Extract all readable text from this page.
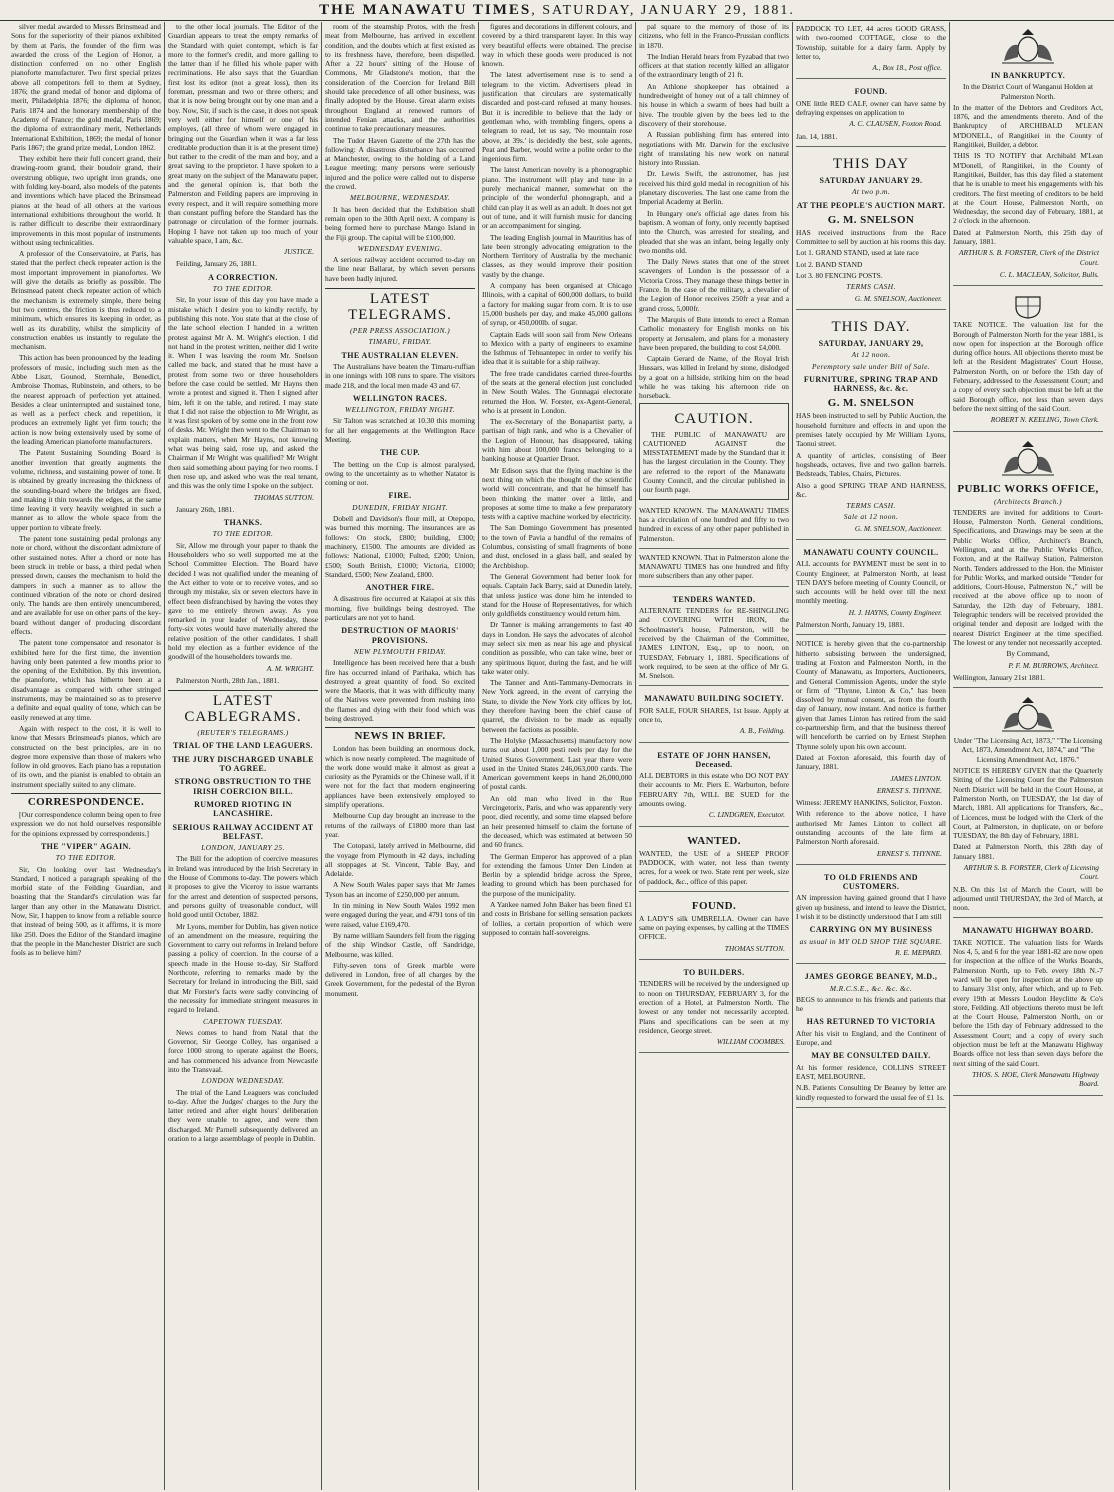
THE MANAWATU TIMES, SATURDAY, JANUARY 29, 1881.

silver medal awarded to Messrs Brinsmead and Sons for the superiority of their pianos exhibited by them at Paris, the founder of the firm was awarded the cross of the Legion of Honor, a distinction conferred on no other English pianoforte manufacturer. Two first special prizes above all competitors fell to them at Sydney, 1876; the grand medal of honor and diploma of merit, Philadelphia 1876; the diploma of honor, Paris 1874 and the honorary membership of the Academy of France; the gold medal, Paris 1869; the diploma of extraordinary merit, Netherlands International Exhibition, 1869; the medal of honor Paris 1867; the grand prize medal, London 1862.

They exhibit here their full concert grand, their drawing-room grand, their boudoir grand, their overstrung oblique, two upright iron grands, one with folding key-board, also models of the patents and inventions which have placed the Brinsmead pianos at the head of all others at the various international exhibitions throughout the world. It is rather difficult to describe their extraordinary improvements in this most popular of instruments without using technicalities.

A professor of the Conservatoire, at Paris, has stated that the perfect check repeater action is the most important improvement in pianofortes. We will give the details as briefly as possible. The Brinsmead patent check repeater action of which the mechanism is extremely simple, there being but two centres, the friction is thus reduced to a minimum, which ensures its keeping in order, as well as its durability, whilst the simplicity of construction enables us instantly to regulate the mechanism.

This action has been pronounced by the leading professors of music, including such men as the Abbe Liszt, Gounod, Sternhale, Benedict, Ambroise Thomas, Rubinstein, and others, to be the nearest approach of perfection yet attained. Besides a clear uninterrupted and sustained tone, as well as a perfect check and repetition, it produces an extremely light yet firm touch; the action is now being extensively used by some of the leading American pianoforte manufacturers.

The Patent Sustaining Sounding Board is another invention that greatly augments the volume, richness, and sustaining power of tone. It is obtained by greatly increasing the thickness of the sounding-board where the bridges are fixed, and making it thin towards the edges, at the same time leaving it very heavily weighted in such a manner as to allow the whole space from the upper portion to vibrate freely.

The patent tone sustaining pedal prolongs any note or chord, without the discordant admixture of other sustained notes. After a chord or note has been struck in treble or bass, a third pedal when pressed down, causes the mechanism to hold the dampers in such a manner as to allow the continued vibration of the note or chord desired only. The hands are then entirely unencumbered, and are available for use on other parts of the key-board without danger of producing discordant effects.

The patent tone compensator and resonator is exhibited here for the first time, the invention having only been patented a few months prior to the opening of the Exhibition. By this invention, the pianoforte, which has hitherto been at a disadvantage as compared with other stringed instruments, may be maintained so as to preserve a definite and equal quality of tone, which can be easily renewed at any time.

Again with respect to the cost, it is well to know that Messrs Brinsmead's pianos, which are constructed on the best principles, are in no degree more expensive than those of makers who follow in old grooves. Each piano has a reputation of its own, and the pianist is enabled to obtain an instrument specially suited to any climate.

CORRESPONDENCE.

[Our correspondence column being open to free expression we do not hold ourselves responsible for the opinions expressed by correspondents.]

THE "VIPER" AGAIN.
TO THE EDITOR.

Sir, On looking over last Wednesday's Standard, I noticed a paragraph speaking of the morbid state of the Feilding Guardian, and boasting that the Standard's circulation was far larger than any other in the Manawatu District. Now, Sir, I happen to know from a reliable source that instead of being 500, as it affirms, it is more like 250. Does the Editor of the Standard imagine that the people in the Manchester District are such fools as to believe him?

to the other local journals. The Editor of the Guardian appears to treat the empty remarks of the Standard with quiet contempt, which is far more to the former's credit, and more galling to the latter than if he filled his whole paper with recriminations. He also says that the Guardian first lost its editor (not a great loss), then its foreman, pressman and two or three others; and that it is now being brought out by one man and a boy. Now, Sir, if such is the case, it does not speak very well either for himself or one of his employes, (all three of whom were engaged in bringing out the Guardian when it was a far less creditable production than it is at the present time) but rather to the credit of the man and boy, and a great saving to the proprietor. I have spoken to a great many on the subject of the Manawatu paper, and the general opinion is, that both the Palmerston and Feilding papers are improving in every respect, and it will require something more than constant puffing before the Standard has the patronage or circulation of the former journals. Hoping I have not taken up too much of your valuable space, I am, &c.

JUSTICE.

Feilding, January 26, 1881.

A CORRECTION.
TO THE EDITOR.

Sir, In your issue of this day you have made a mistake which I desire you to kindly rectify, by publishing this note. You state that at the close of the late school election I handed in a written protest against Mr A. M. Wright's election. I did not hand in the protest written, neither did I write it. When I was leaving the room Mr. Snelson called me back, and stated that he must have a protest from some two or three householders before the case could be settled. Mr Hayns then wrote a protest and signed it. Then I signed after him, left it on the table, and retired. I may state that I did not raise the objection to Mr Wright, as it was first spoken of by some one in the front row of desks. Mr. Wright then went to the Chairman to explain matters, when Mr Hayns, not knowing what was being said, rose up, and asked the Chairman if Mr Wright was qualified? Mr Wright then said something about paying for two rooms. I then rose up, and asked who was the real tenant, and this was the only time I spoke on the subject.

THOMAS SUTTON.

January 26th, 1881.

THANKS.
TO THE EDITOR.

Sir, Allow me through your paper to thank the Householders who so well supported me at the School Committee Election. The Board have decided I was not qualified under the meaning of the Act either to vote or to receive votes, and so through my mistake, six or seven electors have in effect been disfranchised by having the votes they gave to me entirely thrown away. As you remarked in your leader of Wednesday, those forty-six votes would have materially altered the relative position of the other candidates. I shall hold my election as a further evidence of the goodwill of the householders towards me.

A. M. WRIGHT.

Palmerston North, 28th Jan., 1881.

LATEST CABLEGRAMS.
(REUTER'S TELEGRAMS.)
TRIAL OF THE LAND LEAGUERS.
THE JURY DISCHARGED UNABLE TO AGREE.
STRONG OBSTRUCTION TO THE IRISH COERCION BILL.
RUMORED RIOTING IN LANCASHIRE.
SERIOUS RAILWAY ACCIDENT AT BELFAST.
LONDON, JANUARY 25.

The Bill for the adoption of coercive measures in Ireland was introduced by the Irish Secretary in the House of Commons to-day. The powers which it proposes to give the Viceroy to issue warrants for the arrest and detention of suspected persons, and persons guilty of treasonable conduct, will hold good until October, 1882.

Mr Lyons, member for Dublin, has given notice of an amendment on the measure, requiring the Government to carry out reforms in Ireland before passing a policy of coercion. In the course of a speech made in the House to-day, Sir Stafford Northcote, referring to remarks made by the Secretary for Ireland in introducing the Bill, said that Mr Forster's facts were sadly convincing of the necessity for immediate stringent measures in regard to Ireland.

CAPETOWN TUESDAY.

News comes to hand from Natal that the Governor, Sir George Colley, has organised a force 1000 strong to operate against the Boers, and has commenced his advance from Newcastle into the Transvaal.

LONDON WEDNESDAY.

The trial of the Land Leaguers was concluded to-day. After the Judges' charges to the Jury the latter retired and after eight hours' deliberation they were unable to agree, and were then discharged. Mr Parnell subsequently delivered an oration to a large assemblage of people in Dublin.

room of the steamship Protos, with the fresh meat from Melbourne, has arrived in excellent condition, and the doubts which at first existed as to its freshness have, therefore, been dispelled. After a 22 hours' sitting of the House of Commons, Mr Gladstone's motion, that the consideration of the Coercion for Ireland Bill should take precedence of all other business, was finally adopted by the House. Great alarm exists throughout England at renewed rumors of intended Fenian attacks, and the authorities continue to take precautionary measures.

The Tudor Haven Gazette of the 27th has the following: A disastrous disturbance has occurred at Manchester, owing to the holding of a Land League meeting; many persons were seriously injured and the police were called out to disperse the crowd.

MELBOURNE, WEDNESDAY.

It has been decided that the Exhibition shall remain open to the 30th April next. A company is being formed here to purchase Mango Island in the Fiji group. The capital will be £100,000.

WEDNESDAY EVENING.

A serious railway accident occurred to-day on the line near Ballarat, by which seven persons have been badly injured.

LATEST TELEGRAMS.
(PER PRESS ASSOCIATION.)
TIMARU, FRIDAY.
THE AUSTRALIAN ELEVEN.

The Australians have beaten the Timaru-ruffian in one innings with 108 runs to spare. The visitors made 218, and the local men made 43 and 67.

WELLINGTON RACES.
WELLINGTON, FRIDAY NIGHT.

Sir Talton was scratched at 10.30 this morning for all her engagements at the Wellington Race Meeting.

THE CUP.

The betting on the Cup is almost paralysed, owing to the uncertainty as to whether Natator is coming or not.

FIRE.
DUNEDIN, FRIDAY NIGHT.

Dobell and Davidson's flour mill, at Otepopo, was burned this morning. The insurances are as follows: On stock, £800; building, £300; machinery, £1500. The amounts are divided as follows: National, £1000; Fulted, £200; Union, £500; South British, £1000; Victoria, £1000; Standard, £500; New Zealand, £800.

ANOTHER FIRE.

A disastrous fire occurred at Kaiapoi at six this morning, five buildings being destroyed. The particulars are not yet to hand.

DESTRUCTION OF MAORIS' PROVISIONS.
NEW PLYMOUTH FRIDAY.

Intelligence has been received here that a bush fire has occurred inland of Parihaka, which has destroyed a great quantity of food. So excited were the Maoris, that it was with difficulty many of the Natives were prevented from rushing into the flames and dying with their food which was being destroyed.

NEWS IN BRIEF.

London has been building an enormous dock, which is now nearly completed. The magnitude of the work done would make it almost as great a curiosity as the Pyramids or the Chinese wall, if it were not for the fact that modern engineering appliances have been extensively employed to simplify operations.

Melbourne Cup day brought an increase to the returns of the railways of £1800 more than last year.

The Cotopaxi, lately arrived in Melbourne, did the voyage from Plymouth in 42 days, including all stoppages at St. Vincent, Table Bay, and Adelaide.

A New South Wales paper says that Mr James Tyson has an income of £250,000 per annum.

In tin mining in New South Wales 1992 men were engaged during the year, and 4791 tons of tin were raised, value £169,470.

By name william Saunders fell from the rigging of the ship Windsor Castle, off Sandridge, Melbourne, was killed.

Fifty-seven tons of Greek marble were delivered in London, free of all charges by the Greek Government, for the pedestal of the Byron monument.

figures and decorations in different colours, and covered by a third transparent layer. In this way very beautiful effects were obtained. The precise way in which these goods were produced is not known.

The latest advertisement ruse is to send a telegram to the victim. Advertisers plead in justification that circulars are systematically discarded and post-card refused at many houses. But it is incredible to believe that the lady or gentleman who, with trembling fingers, opens a telegram to read, let us say, 'No mountain rose above, at 39s.' is decidedly the best, sole agents, Peat and Barber, would write a polite order to the ingenious firm.

The latest American novelty is a phonographic piano. The instrument will play and tune in a purely mechanical manner, somewhat on the principle of the wonderful phonograph, and a child can play it as well as an adult. It does not get out of tune, and it will furnish music for dancing or an accompaniment for singing.

The leading English journal in Mauritius has of late been strongly advocating emigration to the Northern Territory of Australia by the mechanic classes, as they would improve their position vastly by the change.

A company has been organised at Chicago Illinois, with a capital of 600,000 dollars, to build a factory for making sugar from corn. It is to use 15,000 bushels per day, and make 45,000 gallons of syrup, or 450,000lb. of sugar.

Captain Eads will soon sail from New Orleans to Mexico with a party of engineers to examine the Isthmus of Tehuantepec in order to verify his idea that it is suitable for a ship railway.

The free trade candidates carried three-fourths of the seats at the general election just concluded in New South Wales. The Gunnagai electorate returned the Hon. W. Forster, ex-Agent-General, who is at present in London.

The ex-Secretary of the Bonapartist party, a partisan of high rank, and who is a Chevalier of the Legion of Honour, has disappeared, taking with him about 100,000 francs belonging to a banking house at Quartier Druot.

Mr Edison says that the flying machine is the next thing on which the thought of the scientific world will concentrate, and that he himself has been thinking the matter over a little, and proposes at some time to make a few preparatory tests with a captive machine worked by electricity.

The San Domingo Government has presented to the town of Pavia a handful of the remains of Columbus, consisting of small fragments of bone and dust, enclosed in a glass ball, and sealed by the Archbishop.

The General Government had better look for equals. Captain Jack Barry, said at Dunedin lately, that unless justice was done him he intended to stand for the House of Representatives, for which only goldfields constituency would return him.

Dr Tanner is making arrangements to fast 40 days in London. He says the advocates of alcohol may select six men as near his age and physical condition as possible, who can take wine, beer or any spirituous liquor, during the fast, and he will take water only.

The Tanner and Anti-Tammany-Democrats in New York agreed, in the event of carrying the State, to divide the New York city offices by lot, they therefore having been the chief cause of quarrel, the division to be made as equally between the factions as possible.

The Holyke (Massachusetts) manufactory now turns out about 1,000 pesti reels per day for the United States Government. Last year there were used in the United States 246,063,000 cards. The American government keeps in hand 26,000,000 of postal cards.

An old man who lived in the Rue Vercingetorix, Paris, and who was apparently very poor, died recently, and some time elapsed before an heir presented himself to claim the fortune of the deceased, which was estimated at between 50 and 60 francs.

The German Emperor has approved of a plan for extending the famous Unter Den Linden at Berlin by a splendid bridge across the Spree, leading to ground which has been purchased for the purpose of the municipality.

A Yankee named John Baker has been fined £1 and costs in Brisbane for selling sensation packets of lollies, a certain proportion of which were supposed to contain half-sovereigns.

pal square to the memory of those of its citizens, who fell in the Franco-Prussian conflicts in 1870.

The Indian Herald hears from Fyzabad that two officers at that station recently killed an alligator of the extraordinary length of 21 ft.

An Athlone shopkeeper has obtained a hundredweight of honey out of a tall chimney of his house in which a swarm of bees had built a hive. The trouble given by the bees led to the discovery of their storehouse.

A Russian publishing firm has entered into negotiations with Mr. Darwin for the exclusive right of translating his new work on natural history into Russian.

Dr. Lewis Swift, the astronomer, has just received his third gold medal in recognition of his planetary discoveries. The last one came from the Imperial Academy at Berlin.

In Hungary one's official age dates from his baptism. A woman of forty, only recently baptised into the Church, was arrested for stealing, and pleaded that she was an infant, being legally only two months old.

The Daily News states that one of the street scavengers of London is the possessor of a Victoria Cross. They manage these things better in France. In the case of the military, a chevalier of the Legion of Honor receives 250fr a year and a grand cross, 5,000fr.

The Marquis of Bute intends to erect a Roman Catholic monastery for English monks on his property at Jerusalem, and plans for a monastery have been prepared, the building to cost £4,000.

Captain Gerard de Name, of the Royal Irish Hussars, was killed in Ireland by stone, dislodged by a goat on a hillside, striking him on the head while he was taking his afternoon ride on horseback.

CAUTION.

THE PUBLIC of MANAWATU are CAUTIONED AGAINST the MISSTATEMENT made by the Standard that it has the largest circulation in the County. They are referred to the report of the Manawatu County Council, and the circular published in our fourth page.

WANTED KNOWN. The MANAWATU TIMES has a circulation of one hundred and fifty to two hundred in excess of any other paper published in Palmerston.

WANTED KNOWN. That in Palmerston alone the MANAWATU TIMES has one hundred and fifty more subscribers than any other paper.

TENDERS WANTED.

ALTERNATE TENDERS for RE-SHINGLING and COVERING WITH IRON, the Schoolmaster's house, Palmerston, will be received by the Chairman of the Committee, JAMES LINTON, Esq., up to noon, on TUESDAY, February 1, 1881. Specifications of work required, to be seen at the office of Mr G. M. Snelson.

MANAWATU BUILDING SOCIETY.

FOR SALE, FOUR SHARES, 1st Issue. Apply at once to,

A. B., Feilding.
ESTATE OF JOHN HANSEN, Deceased.

ALL DEBTORS in this estate who DO NOT PAY their accounts to Mr. Piers E. Warburton, before FEBRUARY 7th, WILL BE SUED for the amounts owing.

C. LINDGREN, Executor.
WANTED.

WANTED, the USE of a SHEEP PROOF PADDOCK, with water, not less than twenty acres, for a week or two. State rent per week, size of paddock, &c., office of this paper.

FOUND.

A LADY'S silk UMBRELLA. Owner can have same on paying expenses, by calling at the TIMES OFFICE.

THOMAS SUTTON.
TO BUILDERS.

TENDERS will be received by the undersigned up to noon on THURSDAY, FEBRUARY 3, for the erection of a Hotel, at Palmerston North. The lowest or any tender not necessarily accepted. Plans and specifications can be seen at my residence, George street.

WILLIAM COOMBES.

PADDOCK TO LET, 44 acres GOOD GRASS, with two-roomed COTTAGE, close to the Township, suitable for a dairy farm. Apply by letter to,

A., Box 18., Post office.
FOUND.

ONE little RED CALF, owner can have same by defraying expenses on application to

A. C. CLAUSEN, Foxton Road.

Jan. 14, 1881.

THIS DAY
SATURDAY JANUARY 29.
At two p.m.
AT THE PEOPLE'S AUCTION MART.
G. M. SNELSON

HAS received instructions from the Race Committee to sell by auction at his rooms this day.

Lot 1. GRAND STAND, used at late race

Lot 2. BAND STAND

Lot 3. 80 FENCING POSTS.

TERMS CASH.
G. M. SNELSON, Auctioneer.
THIS DAY.
SATURDAY, JANUARY 29,
At 12 noon.
Peremptory sale under Bill of Sale.
FURNITURE, SPRING TRAP AND HARNESS, &c. &c.
G. M. SNELSON

HAS been instructed to sell by Public Auction, the household furniture and effects in and upon the premises lately occupied by Mr William Lyons, Taonui street.

A quantity of articles, consisting of Beer hogsheads, octaves, five and two gallon barrels. Bedsteads, Tables, Chairs, Pictures.

Also a good SPRING TRAP AND HARNESS, &c.

TERMS CASH.
Sale at 12 noon.
G. M. SNELSON, Auctioneer.
MANAWATU COUNTY COUNCIL.

ALL accounts for PAYMENT must be sent in to County Engineer, at Palmerston North, at least TEN DAYS before meeting of County Council, or such accounts will be held over till the next monthly meeting.

H. J. HAYNS, County Engineer.

Palmerston North, January 19, 1881.

NOTICE is hereby given that the co-partnership hitherto subsisting between the undersigned, trading at Foxton and Palmerston North, in the County of Manawatu, as Importers, Auctioneers, and General Commission Agents, under the style or firm of "Thynne, Linton & Co," has been dissolved by mutual consent, as from the fourth day of January, now instant. And notice is further given that James Linton has retired from the said co-partnership firm, and that the business thereof will henceforth be carried on by Ernest Stephen Thynne solely upon his own account.

Dated at Foxton aforesaid, this fourth day of January, 1881.

JAMES LINTON.
ERNEST S. THYNNE.

Witness: JEREMY HANKINS, Solicitor, Foxton.

With reference to the above notice, I have authorised Mr James Linton to collect all outstanding accounts of the late firm at Palmerston North aforesaid.

ERNEST S. THYNNE.
TO OLD FRIENDS AND CUSTOMERS.

AN impression having gained ground that I have given up business, and intend to leave the District, I wish it to be distinctly understood that I am still

CARRYING ON MY BUSINESS
as usual in MY OLD SHOP THE SQUARE.
R. E. MEPARD.
JAMES GEORGE BEANEY, M.D.,
M.R.C.S.E., &c. &c. &c.

BEGS to announce to his friends and patients that he

HAS RETURNED TO VICTORIA

After his visit to England, and the Continent of Europe, and

MAY BE CONSULTED DAILY.

At his former residence, COLLINS STREET EAST, MELBOURNE.

N.B. Patients Consulting Dr Beaney by letter are kindly requested to forward the usual fee of £1 1s.

IN BANKRUPTCY.

In the District Court of Wanganui Holden at Palmerston North.

In the matter of the Debtors and Creditors Act, 1876, and the amendments thereto. And of the Bankruptcy of ARCHIBALD M'LEAN M'DONELL, of Rangitikei in the County of Rangitikei, Builder, a debtor.

THIS IS TO NOTIFY that Archibald M'Lean M'Donell, of Rangitikei, in the County of Rangitikei, Builder, has this day filed a statement that he is unable to meet his engagements with his creditors. The first meeting of creditors to be held at the Court House, Palmerston North, on Wednesday, the second day of February, 1881, at 2 o'clock in the afternoon.

Dated at Palmerston North, this 25th day of January, 1881.

ARTHUR S. B. FORSTER, Clerk of the District Court.
C. L. MACLEAN, Solicitor, Bulls.

TAKE NOTICE. The valuation list for the Borough of Palmerston North for the year 1881, is now open for inspection at the Borough office during office hours. All objections thereto must be left at the Resident Magistrates' Court House, Palmerston North, on or before the 15th day of February, addressed to the Assessment Court; and a copy of every such objection must be left at the said Borough office, not less than seven days before the next sitting of the said Court.

ROBERT N. KEELING, Town Clerk.
PUBLIC WORKS OFFICE,
(Architects Branch.)

TENDERS are invited for additions to Court-House, Palmerston North. General conditions, Specifications, and Drawings may be seen at the Public Works Office, Architect's Branch, Wellington, and at the Public Works Office, Foxton, and at the Railway Station, Palmerston North. Tenders addressed to the Hon. the Minister for Public Works, and marked outside "Tender for additions, Court-House, Palmerston N.," will be received at the above office up to noon of Saturday, the 12th day of February, 1881. Telegraphic tenders will be received provided the original tender and deposit are lodged with the nearest District Engineer at the time specified. The lowest or any tender not necessarily accepted.

By Command,

P. F. M. BURROWS, Architect.

Wellington, January 21st 1881.

Under "The Licensing Act, 1873," "The Licensing Act, 1873, Amendment Act, 1874," and "The Licensing Amendment Act, 1876."

NOTICE IS HEREBY GIVEN that the Quarterly Sitting of the Licensing Court for the Palmerston North District will be held in the Court House, at Palmerston North, on TUESDAY, the 1st day of March, 1881. All applications for Transfers, &c., of Licences, must be lodged with the Clerk of the Court, at Palmerston, in duplicate, on or before TUESDAY, the 8th day of February, 1881.

Dated at Palmerston North, this 28th day of January 1881.

ARTHUR S. B. FORSTER, Clerk of Licensing Court.

N.B. On this 1st of March the Court, will be adjourned until THURSDAY, the 3rd of March, at noon.

MANAWATU HIGHWAY BOARD.

TAKE NOTICE. The valuation lists for Wards Nos 4, 5, and 6 for the year 1881-82 are now open for inspection at the office of the Works Boards, Palmerston North, up to Feb. every 18th N.-7 ward will be open for inspection at the above up to January 31st only, after which, and up to Feb. every 19th at Messrs Loudon Heyclitte & Co's store, Feilding. All objections thereto must be left at the Court House, Palmerston North, on or before the 15th day of February addressed to the Assessment Court; and a copy of every such objection must be left at the Manawatu Highway Boards office not less than seven days before the next sitting of the said Court.

THOS. S. HOE, Clerk Manawatu Highway Board.
